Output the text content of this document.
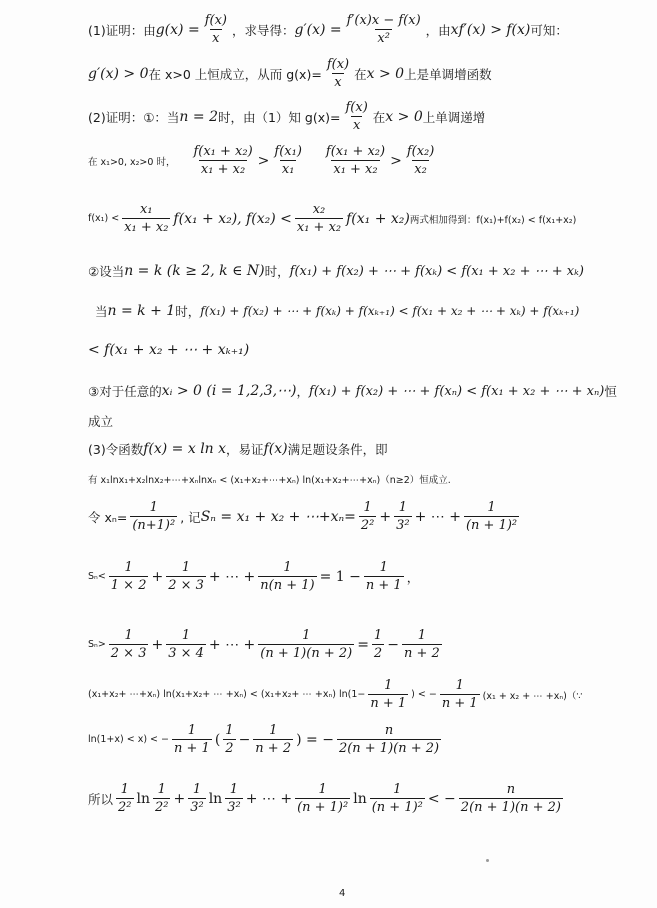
(1)证明：由 $g(x) = \frac{f(x)}{x}$ ，求导得： $g'(x) = \frac{f'(x)x - f(x)}{\text{x²}}$ ，由 xf′(x) > f(x) 可知：
g′(x) > 0 在 x>0 上恒成立，从而 $g(x)= \frac{f(x)}{x}$ 在 x > 0 上是单调增函数
(2)证明：①：当 n = 2 时，由（1）知 $g(x)= \frac{f(x)}{x}$ 在 x > 0 上单调递增
在 x₁>0, x₂>0 时， $\frac{\text{f(x₁ + x₂)}}{\text{x₁ + x₂}} > \frac{\text{f(x₁)}}{\text{x₁}} \frac{\text{f(x₁ + x₂)}}{\text{x₁ + x₂}} > \frac{\text{f(x₂)}}{\text{x₂}}$
$f(x_1) < \frac{\text{x₁}}{\text{x₁ + x₂}} f(x_1 + x_2)$, $f(x_2) < \frac{\text{x₂}}{\text{x₁ + x₂}} f(x_1 + x_2)$ 两式相加得到：f(x₁)+f(x₂) < f(x₁+x₂)
②设当 n = k (k ≥ 2, k ∈ N) 时， f(x₁) + f(x₂) + ⋯ + f(xₖ) < f(x₁ + x₂ + ⋯ + xₖ)
当 n = k + 1 时， f(x₁) + f(x₂) + ⋯ + f(xₖ) + f(xₖ₊₁) < f(x₁ + x₂ + ⋯ + xₖ) + f(xₖ₊₁)
< f(x₁ + x₂ + ⋯ + xₖ₊₁)
③对于任意的 xᵢ > 0 (i = 1,2,3,⋯) ， f(x₁) + f(x₂) + ⋯ + f(xₙ) < f(x₁ + x₂ + ⋯ + xₙ) 恒
成立
(3)令函数 f(x) = x ln x ，易证 f(x) 满足题设条件，即
有 x₁lnx₁+x₂lnx₂+⋯+xₙlnxₙ < (x₁+x₂+⋯+xₙ) ln(x₁+x₂+⋯+xₙ)（n≥2）恒成立.
令 $x_n= \frac{1}{\text{(n+1)²}}$ , 记 Sₙ = x₁ + x₂ + ⋯+xₙ= $\frac{1}{\text{2²}} + \frac{1}{\text{3²}}$ + ⋯ + $\frac{1}{\text{(n + 1)²}}$
$S_n< \frac{1}{1 \times 2} + \frac{1}{2 \times 3}$ + ⋯ + $\frac{1}{n(n + 1)} = 1 - \frac{1}{n + 1}$ ，
$S_n> \frac{1}{2 \times 3} + \frac{1}{3 \times 4}$ + ⋯ + $\frac{1}{(n + 1)(n + 2)} = \frac{1}{2} - \frac{1}{n + 2}$
(x₁+x₂+ ⋯+xₙ) ln(x₁+x₂+ ⋯ +xₙ) < (x₁+x₂+ ⋯ +xₙ) $\ln(1- \frac{1}{n + 1}$ ) < − $\frac{1}{n + 1} (x_1 + x_2$ + ⋯ +xₙ)（∵
ln(1+x) < x) < − $\frac{1}{n + 1}$ ( $\frac{1}{2} - \frac{1}{n + 2}$ ) = − $\frac{n}{2(n + 1)(n + 2)}$
所以 $\frac{1}{\text{2²}}$ $\ln \frac{1}{\text{2²}} + \frac{1}{\text{3²}}$ $\ln \frac{1}{\text{3²}}$ + ⋯ + $\frac{1}{\text{(n + 1)²}}$ $\ln \frac{1}{\text{(n + 1)²}}$ < − $\frac{n}{2(n + 1)(n + 2)}$
4
